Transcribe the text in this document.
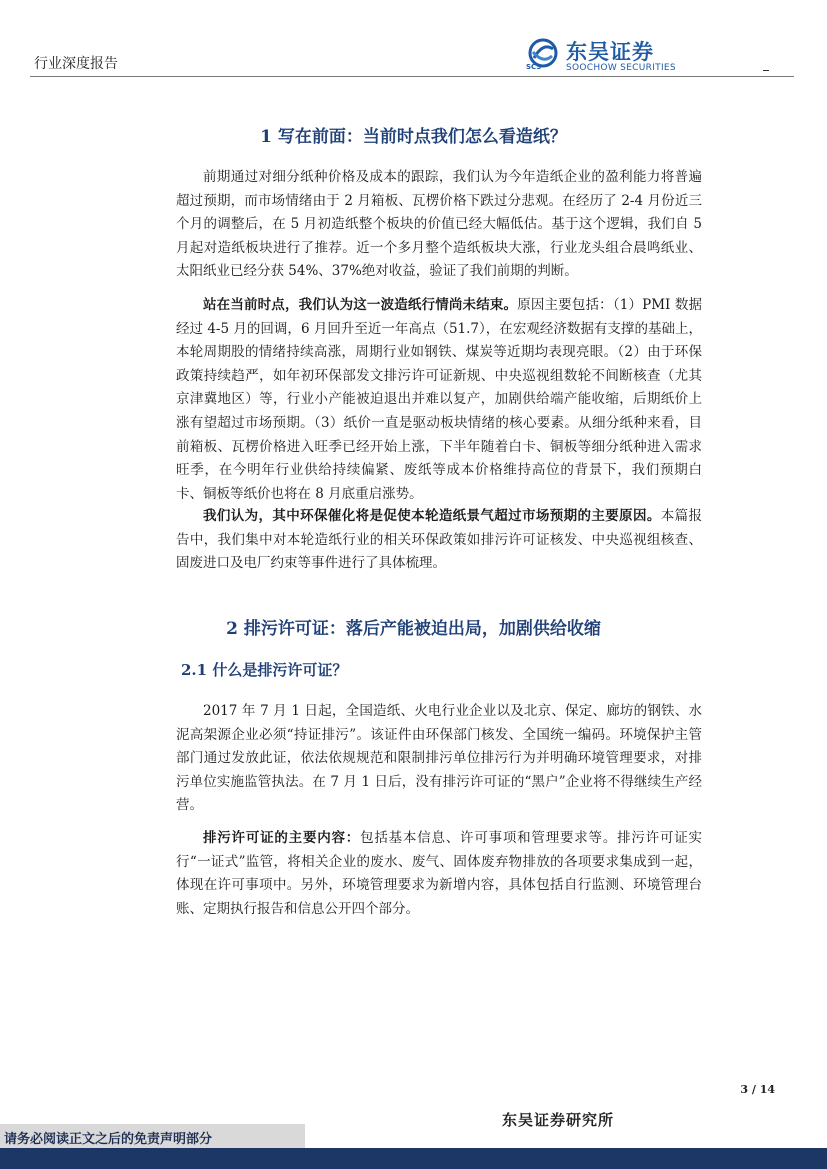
行业深度报告	SCS
东吴证券
SOOCHOW SECURITIES
1 写在前面：当前时点我们怎么看造纸？
前期通过对细分纸种价格及成本的跟踪，我们认为今年造纸企业的盈利能力将普遍超过预期，而市场情绪由于 2 月箱板、瓦楞价格下跌过分悲观。在经历了 2-4 月份近三个月的调整后，在 5 月初造纸整个板块的价值已经大幅低估。基于这个逻辑，我们自 5 月起对造纸板块进行了推荐。近一个多月整个造纸板块大涨，行业龙头组合晨鸣纸业、太阳纸业已经分获 54%、37%绝对收益，验证了我们前期的判断。
站在当前时点，我们认为这一波造纸行情尚未结束。原因主要包括：（1）PMI 数据经过 4-5 月的回调，6 月回升至近一年高点（51.7），在宏观经济数据有支撑的基础上，本轮周期股的情绪持续高涨，周期行业如钢铁、煤炭等近期均表现亮眼。（2）由于环保政策持续趋严，如年初环保部发文排污许可证新规、中央巡视组数轮不间断核查（尤其京津冀地区）等，行业小产能被迫退出并难以复产，加剧供给端产能收缩，后期纸价上涨有望超过市场预期。（3）纸价一直是驱动板块情绪的核心要素。从细分纸种来看，目前箱板、瓦楞价格进入旺季已经开始上涨，下半年随着白卡、铜板等细分纸种进入需求旺季，在今明年行业供给持续偏紧、废纸等成本价格维持高位的背景下，我们预期白卡、铜板等纸价也将在 8 月底重启涨势。
我们认为，其中环保催化将是促使本轮造纸景气超过市场预期的主要原因。本篇报告中，我们集中对本轮造纸行业的相关环保政策如排污许可证核发、中央巡视组核查、固废进口及电厂约束等事件进行了具体梳理。
2 排污许可证：落后产能被迫出局，加剧供给收缩
2.1 什么是排污许可证？
2017 年 7 月 1 日起，全国造纸、火电行业企业以及北京、保定、廊坊的钢铁、水泥高架源企业必须“持证排污”。该证件由环保部门核发、全国统一编码。环境保护主管部门通过发放此证，依法依规规范和限制排污单位排污行为并明确环境管理要求，对排污单位实施监管执法。在 7 月 1 日后，没有排污许可证的“黑户”企业将不得继续生产经营。
排污许可证的主要内容：包括基本信息、许可事项和管理要求等。排污许可证实行“一证式”监管，将相关企业的废水、废气、固体废弃物排放的各项要求集成到一起，体现在许可事项中。另外，环境管理要求为新增内容，具体包括自行监测、环境管理台账、定期执行报告和信息公开四个部分。
3 / 14
东吴证券研究所
请务必阅读正文之后的免责声明部分
